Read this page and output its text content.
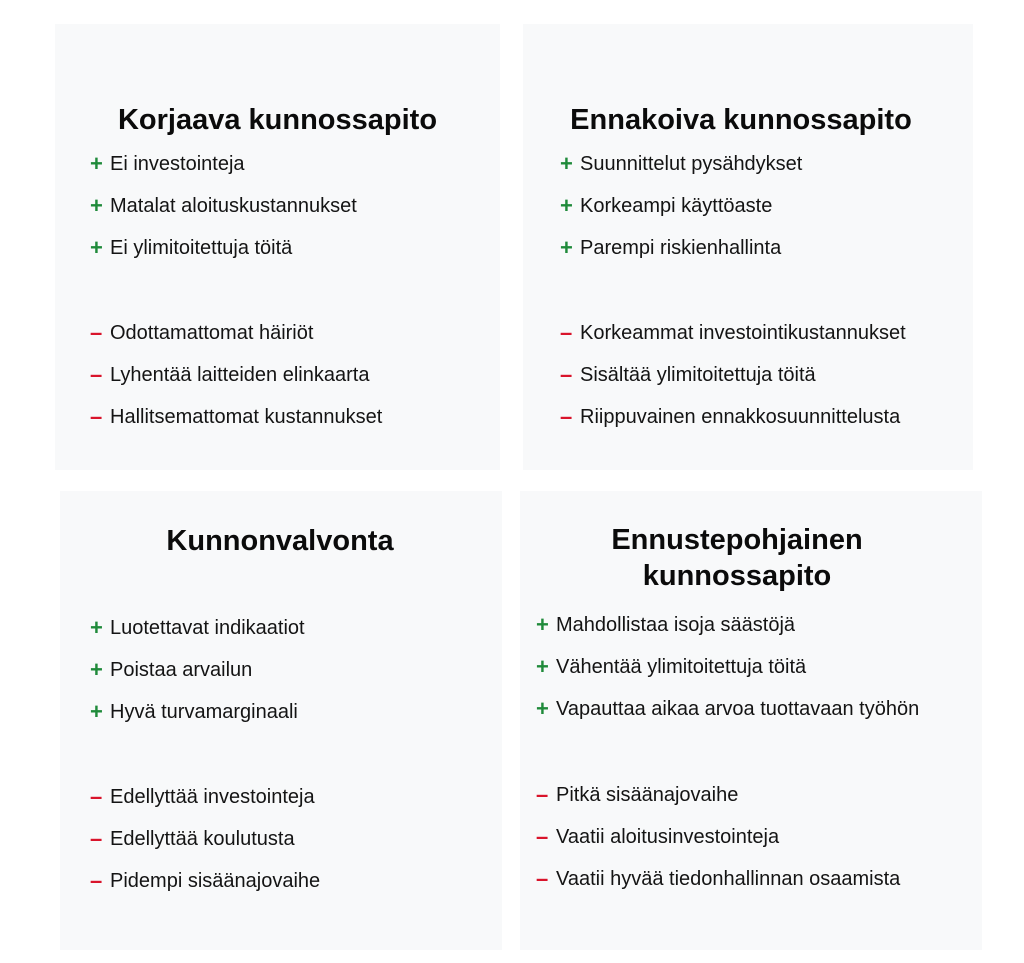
Korjaava kunnossapito
+ Ei investointeja
+ Matalat aloituskustannukset
+ Ei ylimitoitettuja töitä
– Odottamattomat häiriöt
– Lyhentää laitteiden elinkaarta
– Hallitsemattomat kustannukset
Ennakoiva kunnossapito
+ Suunnittelut pysähdykset
+ Korkeampi käyttöaste
+ Parempi riskienhallinta
– Korkeammat investointikustannukset
– Sisältää ylimitoitettuja töitä
– Riippuvainen ennakkosuunnittelusta
Kunnonvalvonta
+ Luotettavat indikaatiot
+ Poistaa arvailun
+ Hyvä turvamarginaali
– Edellyttää investointeja
– Edellyttää koulutusta
– Pidempi sisäänajovaihe
Ennustepohjainen
kunnossapito
+ Mahdollistaa isoja säästöjä
+ Vähentää ylimitoitettuja töitä
+ Vapauttaa aikaa arvoa tuottavaan työhön
– Pitkä sisäänajovaihe
– Vaatii aloitusinvestointeja
– Vaatii hyvää tiedonhallinnan osaamista
